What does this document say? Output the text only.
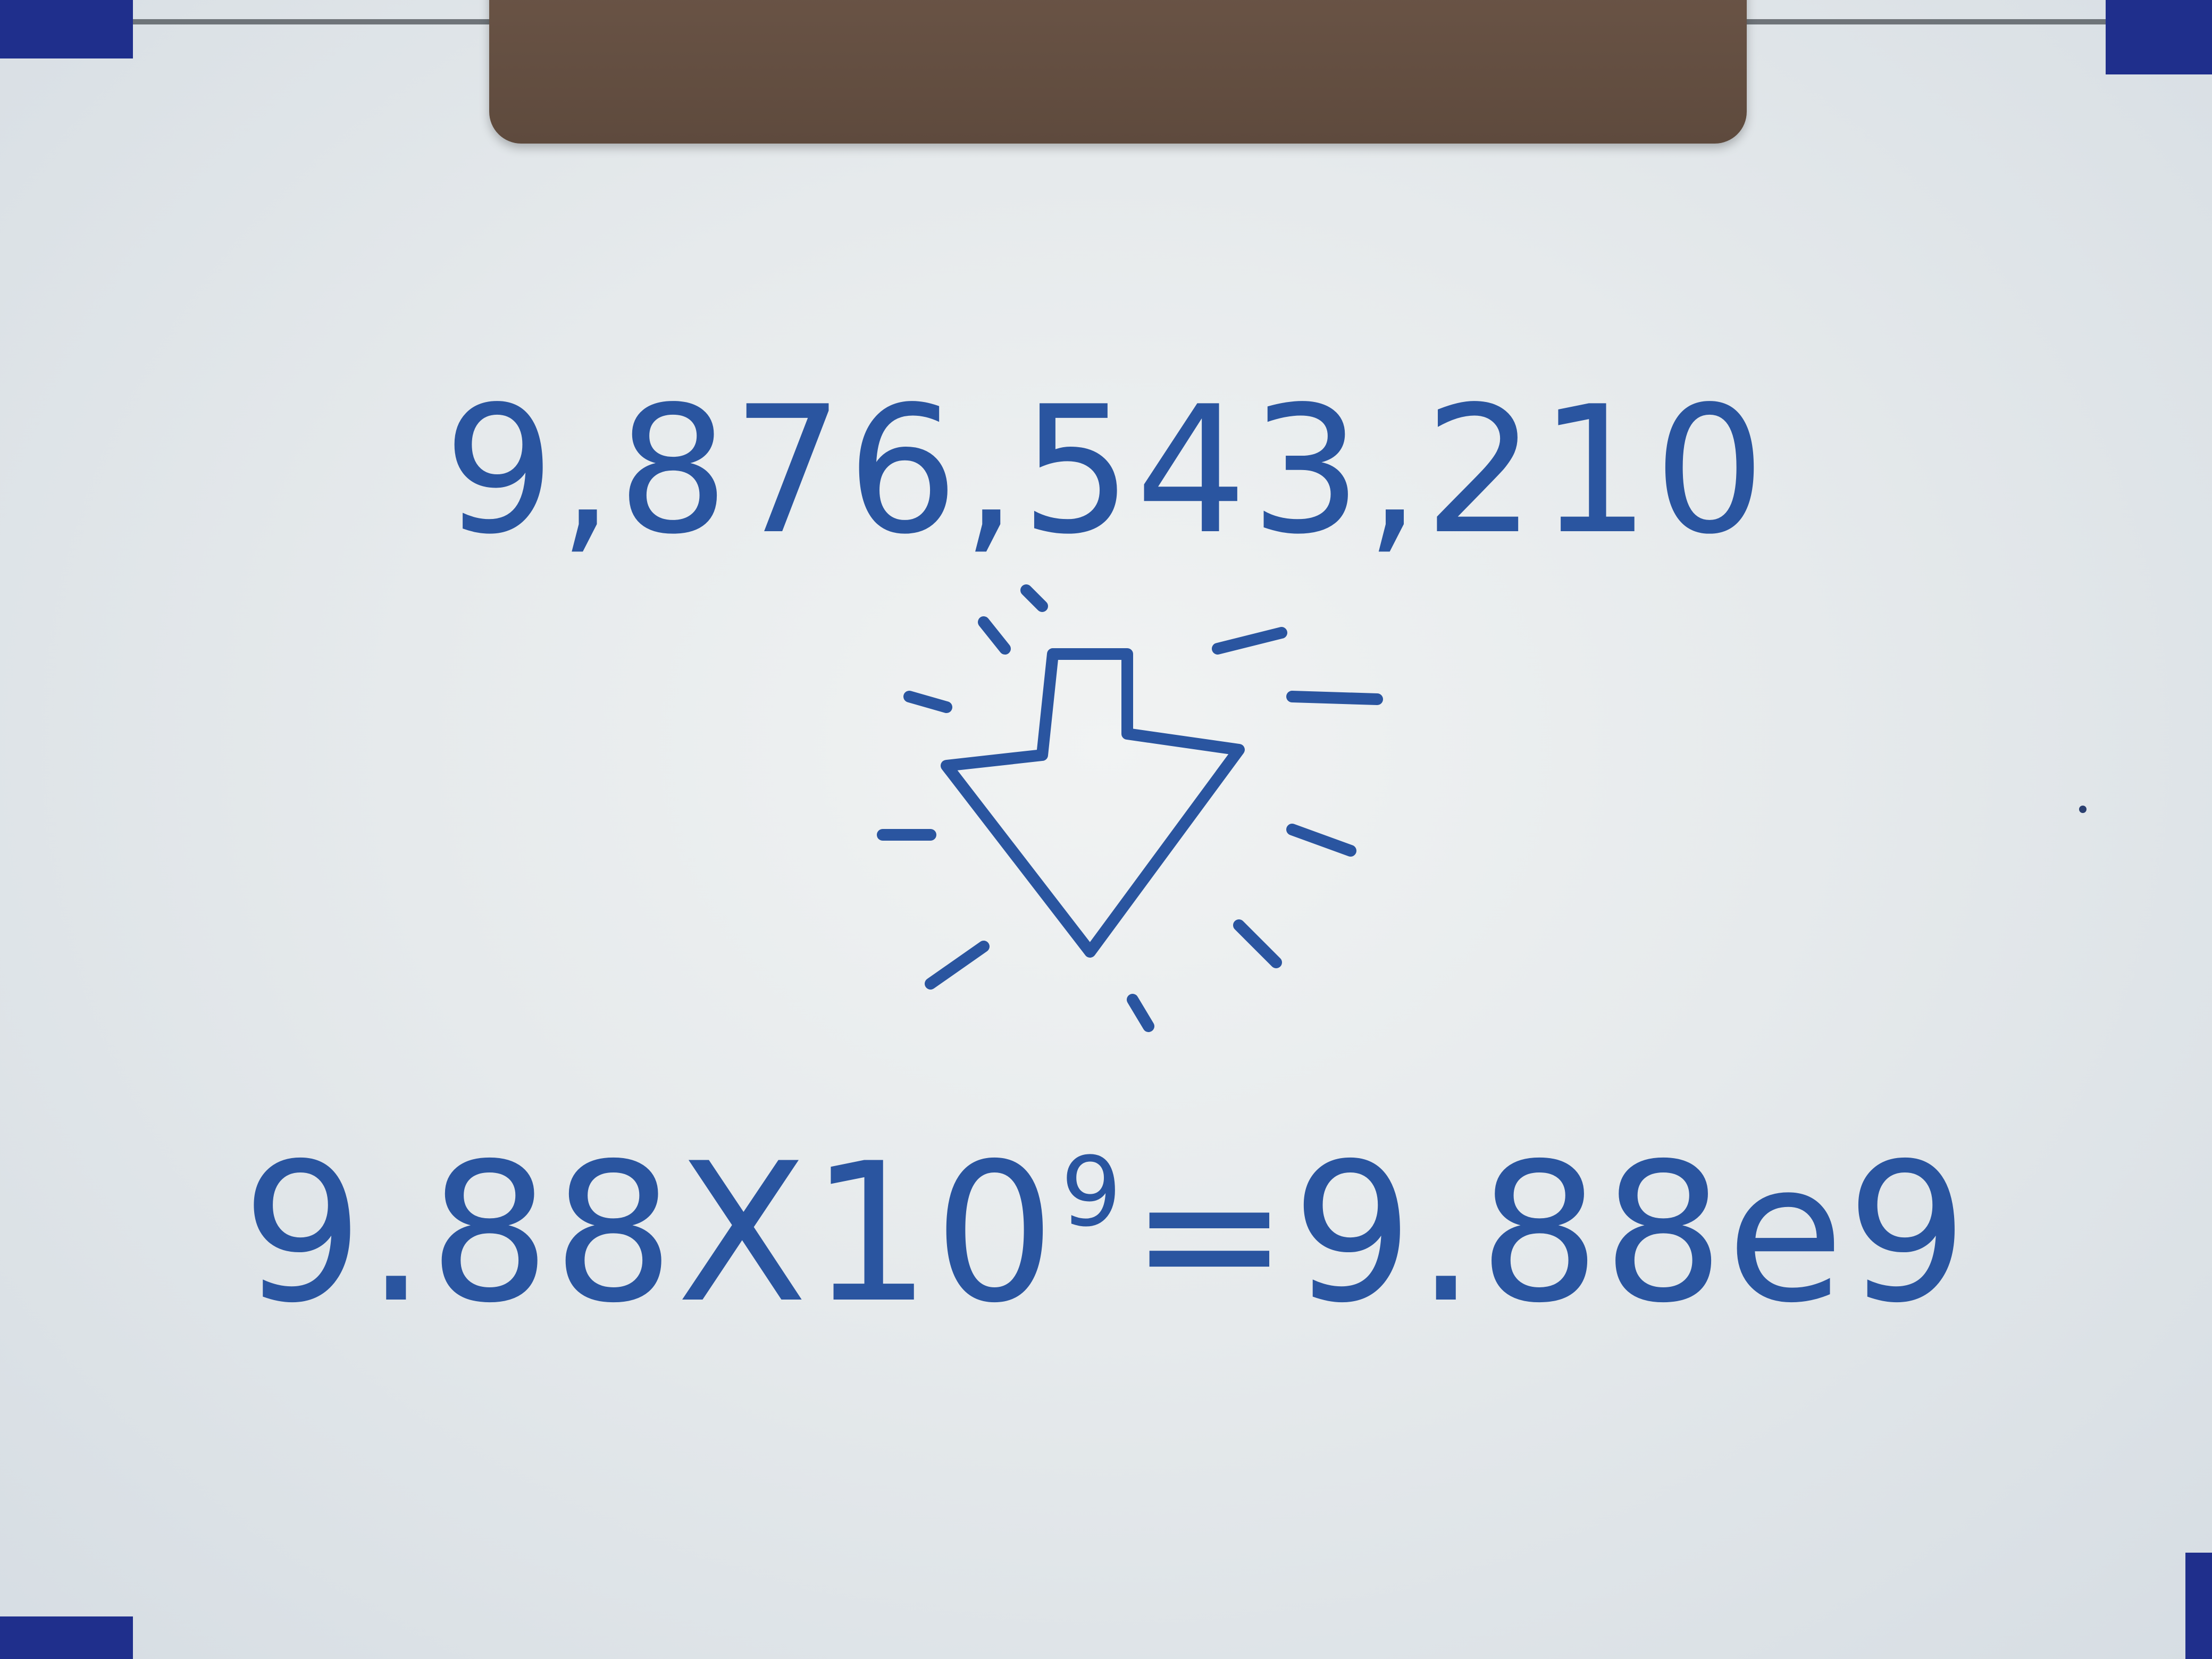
9,876,543,210
$9.88X10^9=9.88e9$
